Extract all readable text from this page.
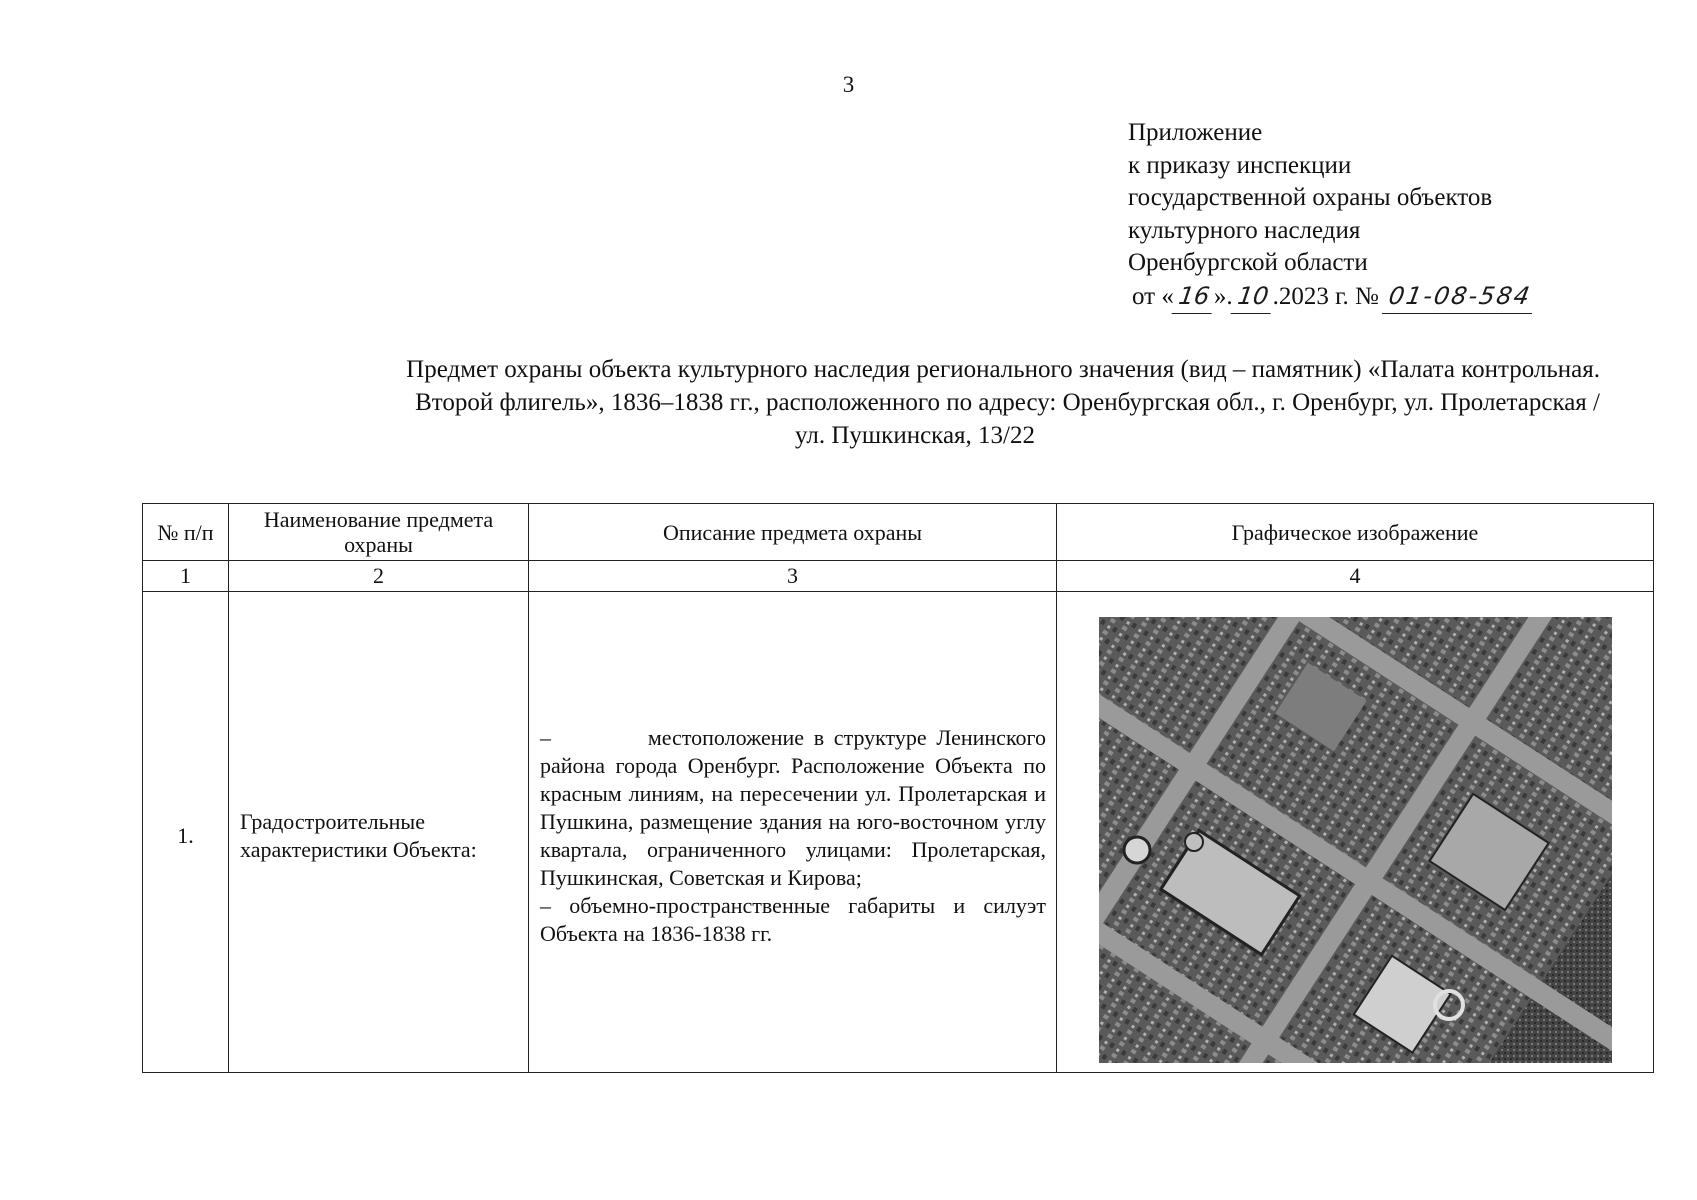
3
Приложение
к приказу инспекции
государственной охраны объектов
культурного наследия
Оренбургской области
от « 16 ». 10 .2023 г. № 01-08-584
Предмет охраны объекта культурного наследия регионального значения (вид – памятник) «Палата контрольная.
Второй флигель», 1836–1838 гг., расположенного по адресу: Оренбургская обл., г. Оренбург, ул. Пролетарская /
ул. Пушкинская, 13/22
№ п/п	Наименование предмета охраны	Описание предмета охраны	Графическое изображение
1	2	3	4
1.	Градостроительные характеристики Объекта:	–          местоположение в структуре Ленинского района города Оренбург. Расположение Объекта по красным линиям, на пересечении ул. Пролетарская и Пушкина, размещение здания на юго-восточном углу квартала, ограниченного улицами: Пролетарская, Пушкинская, Советская и Кирова;

– объемно-пространственные габариты и силуэт Объекта на 1836-1838 гг.
